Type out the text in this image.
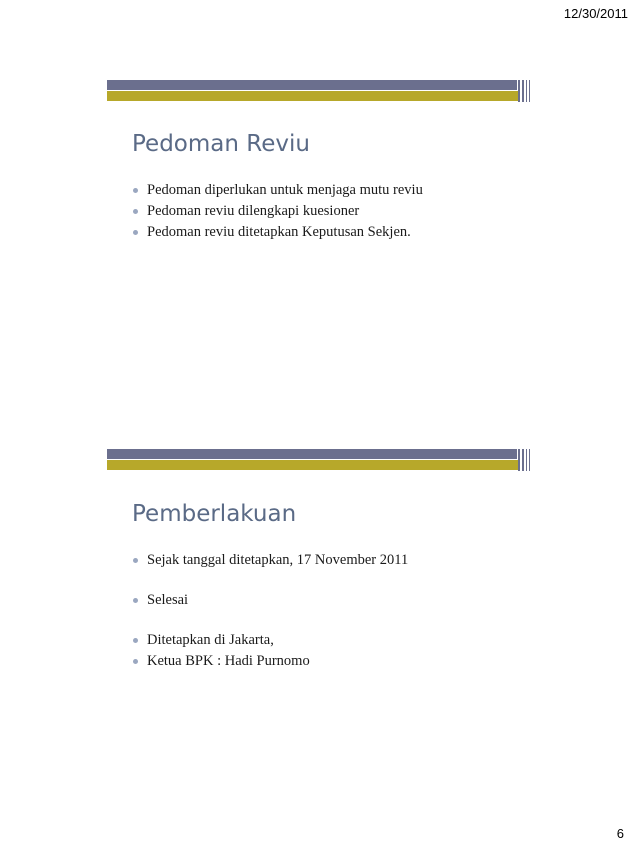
12/30/2011
Pedoman Reviu
Pedoman diperlukan untuk menjaga mutu reviu
Pedoman reviu dilengkapi kuesioner
Pedoman reviu ditetapkan Keputusan Sekjen.
Pemberlakuan
Sejak tanggal ditetapkan, 17 November 2011
Selesai
Ditetapkan di Jakarta,
Ketua BPK : Hadi Purnomo
6
